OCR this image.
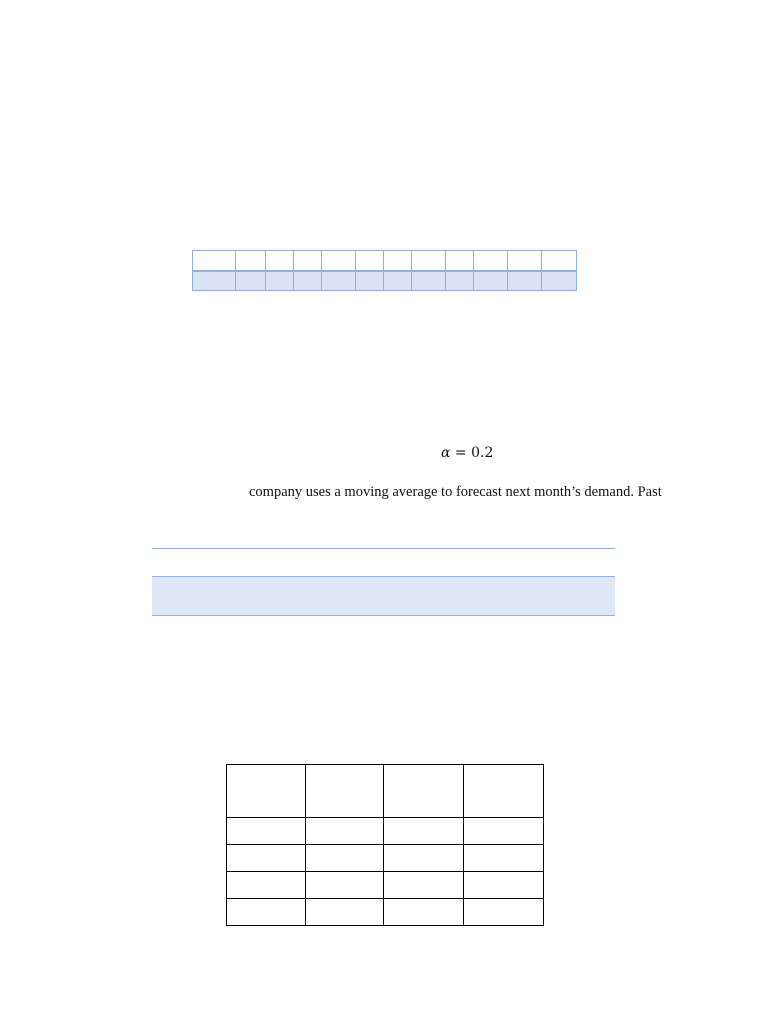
α = 0.2
company uses a moving average to forecast next month’s demand. Past
